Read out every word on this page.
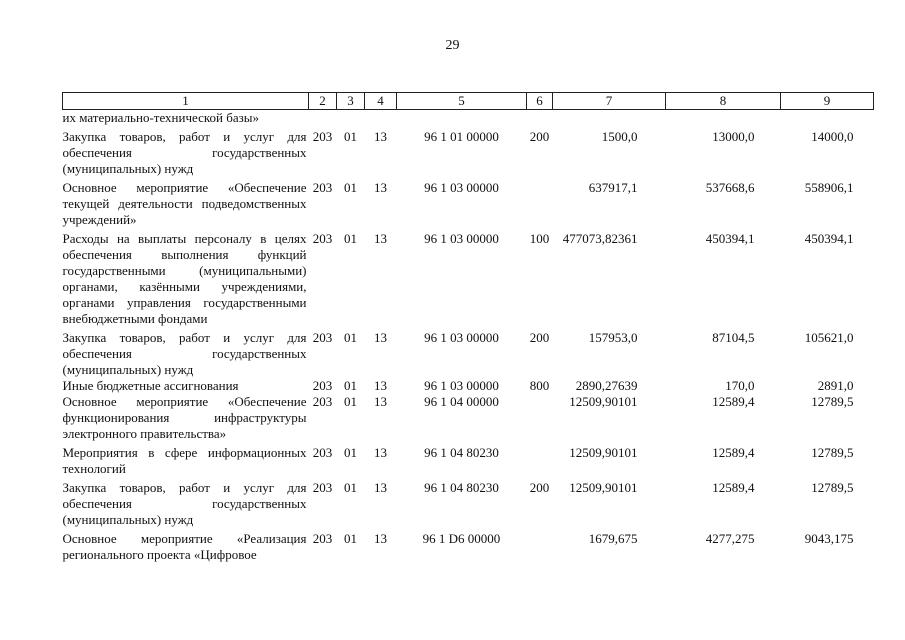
29
1	2	3	4	5	6	7	8	9
их материально-технической базы»								
Закупка товаров, работ и услуг для обеспечения государственных (муниципальных) нужд	203	01	13	96 1 01 00000	200	1500,0	13000,0	14000,0
Основное мероприятие «Обеспечение текущей деятельности подведомственных учреждений»	203	01	13	96 1 03 00000		637917,1	537668,6	558906,1
Расходы на выплаты персоналу в целях обеспечения выполнения функций государственными (муниципальными) органами, казёнными учреждениями, органами управления государственными внебюджетными фондами	203	01	13	96 1 03 00000	100	477073,82361	450394,1	450394,1
Закупка товаров, работ и услуг для обеспечения государственных (муниципальных) нужд	203	01	13	96 1 03 00000	200	157953,0	87104,5	105621,0
Иные бюджетные ассигнования	203	01	13	96 1 03 00000	800	2890,27639	170,0	2891,0
Основное мероприятие «Обеспечение функционирования инфраструктуры электронного правительства»	203	01	13	96 1 04 00000		12509,90101	12589,4	12789,5
Мероприятия в сфере информационных технологий	203	01	13	96 1 04 80230		12509,90101	12589,4	12789,5
Закупка товаров, работ и услуг для обеспечения государственных (муниципальных) нужд	203	01	13	96 1 04 80230	200	12509,90101	12589,4	12789,5
Основное мероприятие «Реализация регионального проекта «Цифровое	203	01	13	96 1 D6 00000		1679,675	4277,275	9043,175
